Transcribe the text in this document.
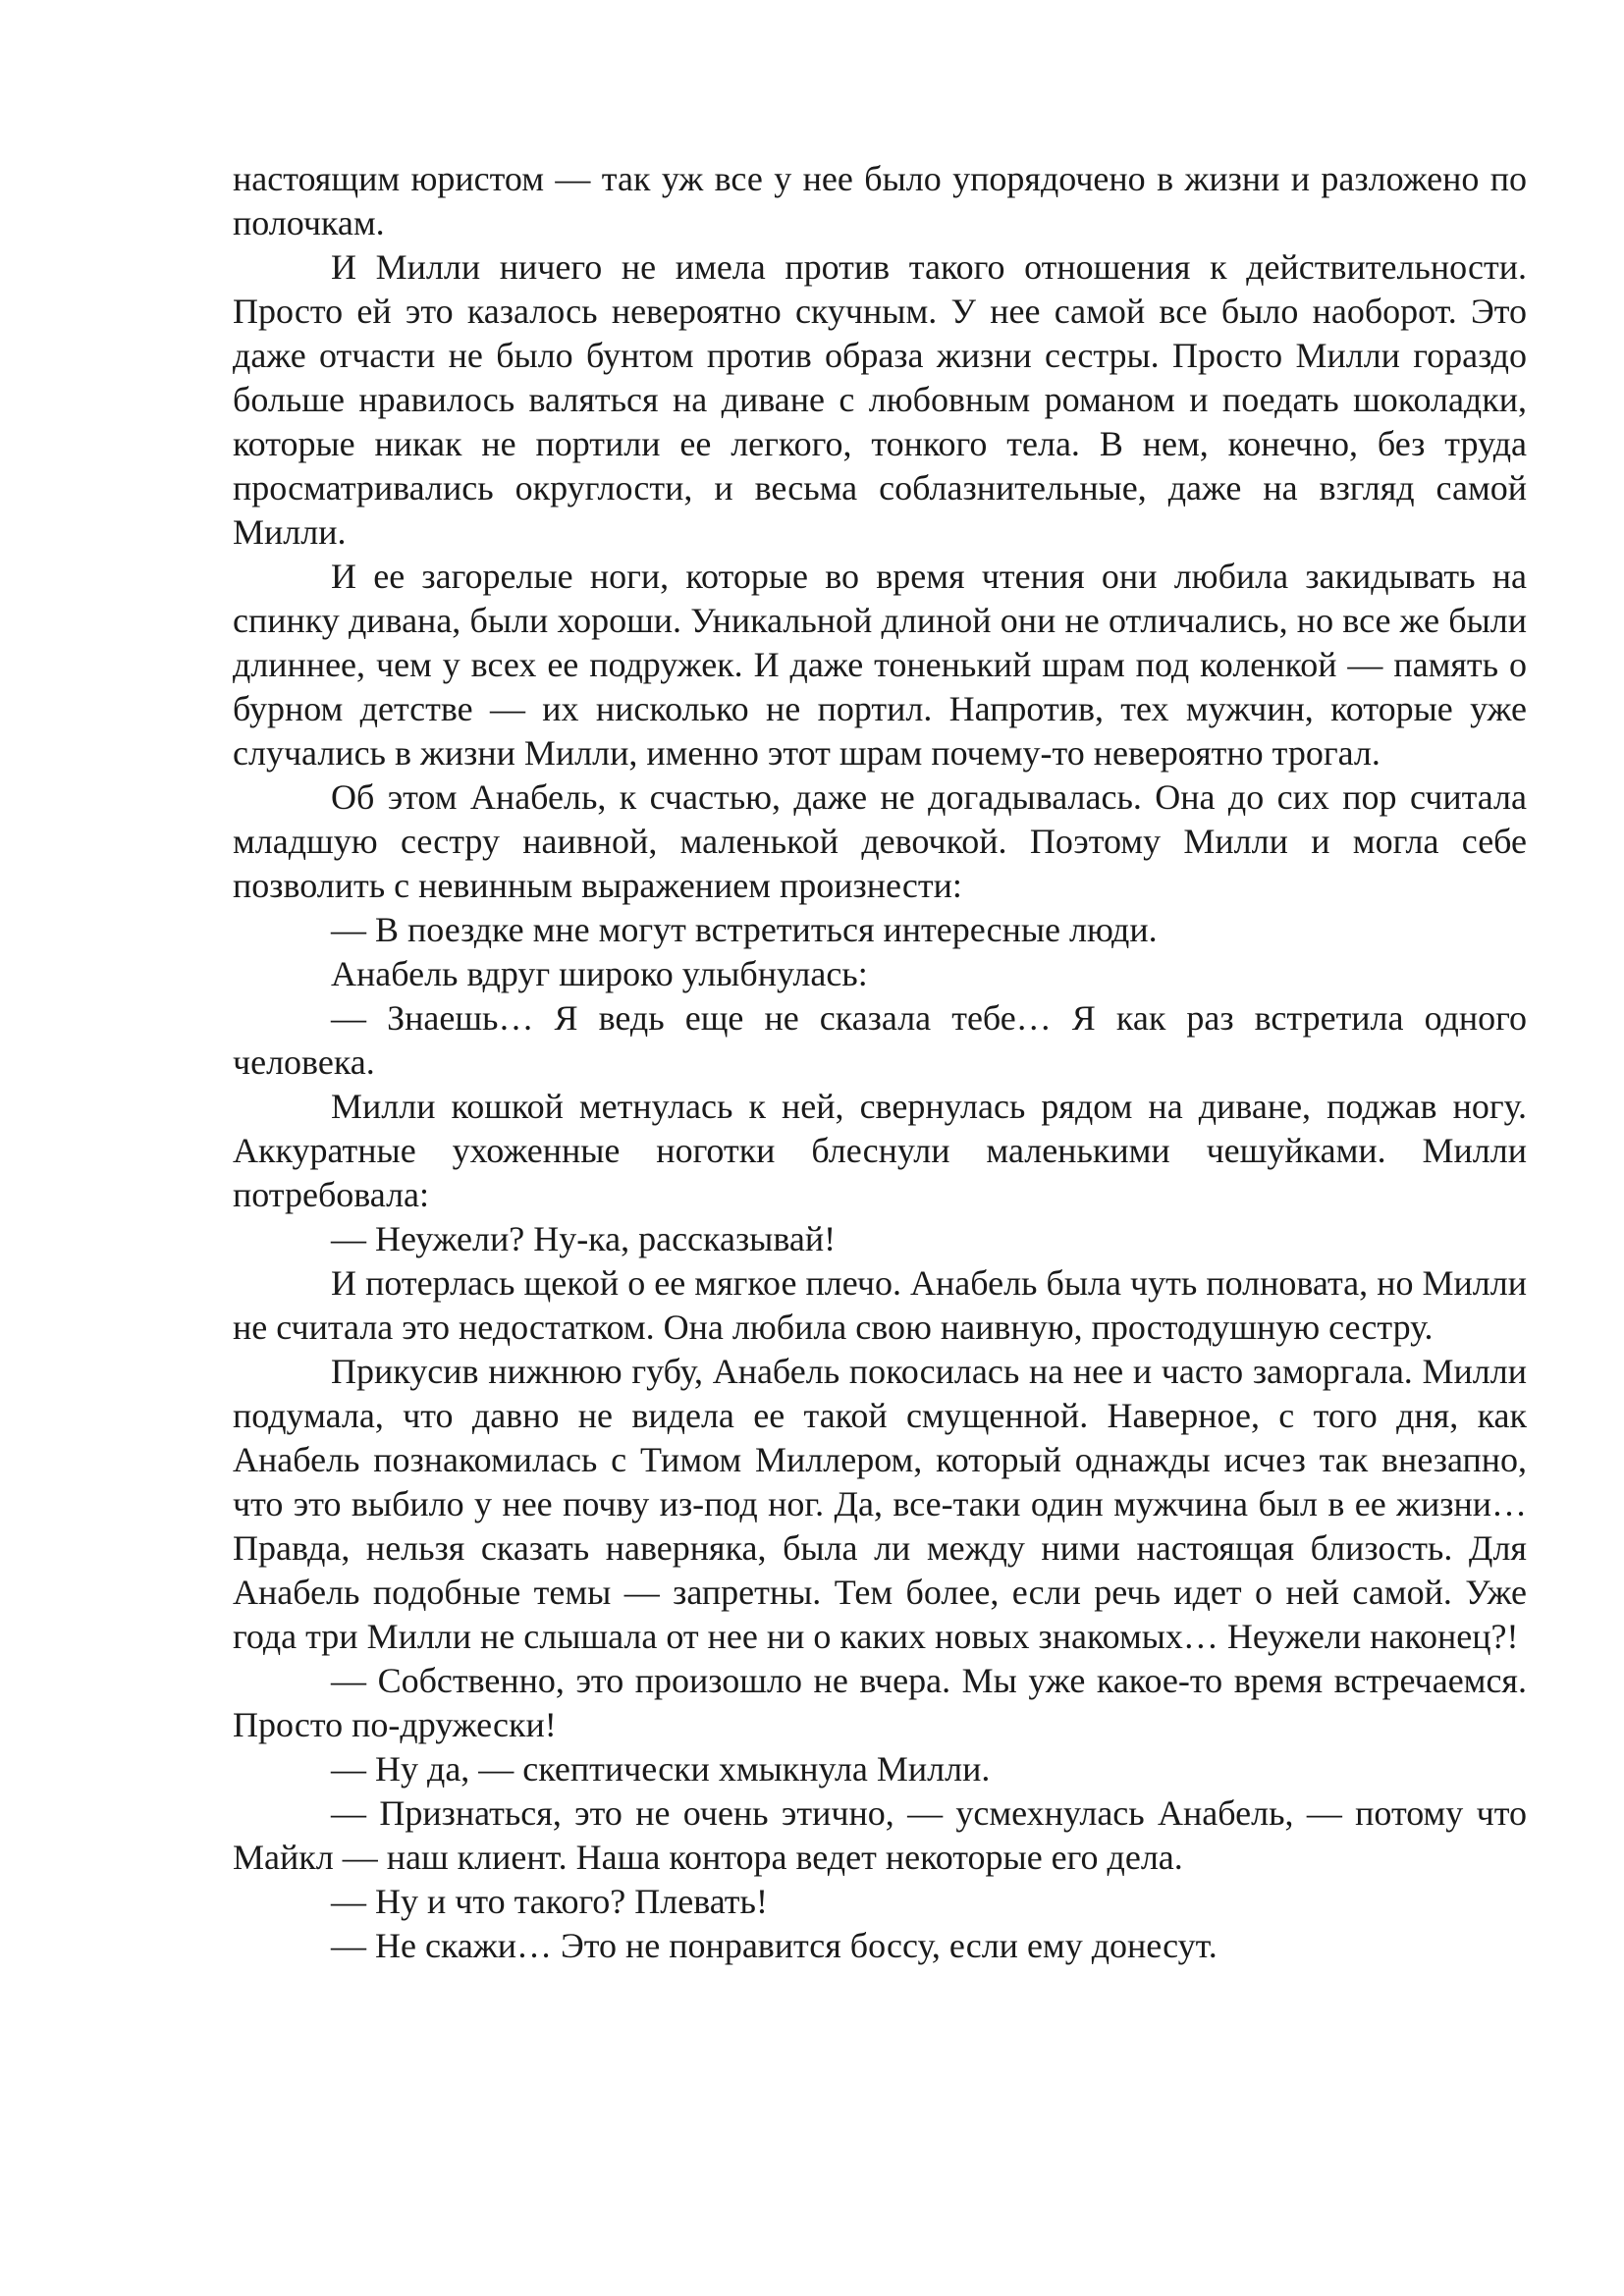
настоящим юристом — так уж все у нее было упорядочено в жизни и разложено по полочкам.

И Милли ничего не имела против такого отношения к действительности. Просто ей это казалось невероятно скучным. У нее самой все было наоборот. Это даже отчасти не было бунтом против образа жизни сестры. Просто Милли гораздо больше нравилось валяться на диване с любовным романом и поедать шоколадки, которые никак не портили ее легкого, тонкого тела. В нем, конечно, без труда просматривались округлости, и весьма соблазнительные, даже на взгляд самой Милли.

И ее загорелые ноги, которые во время чтения они любила закидывать на спинку дивана, были хороши. Уникальной длиной они не отличались, но все же были длиннее, чем у всех ее подружек. И даже тоненький шрам под коленкой — память о бурном детстве — их нисколько не портил. Напротив, тех мужчин, которые уже случались в жизни Милли, именно этот шрам почему-то невероятно трогал.

Об этом Анабель, к счастью, даже не догадывалась. Она до сих пор считала младшую сестру наивной, маленькой девочкой. Поэтому Милли и могла себе позволить с невинным выражением произнести:

— В поездке мне могут встретиться интересные люди.

Анабель вдруг широко улыбнулась:

— Знаешь… Я ведь еще не сказала тебе… Я как раз встретила одного человека.

Милли кошкой метнулась к ней, свернулась рядом на диване, поджав ногу. Аккуратные ухоженные ноготки блеснули маленькими чешуйками. Милли потребовала:

— Неужели? Ну-ка, рассказывай!

И потерлась щекой о ее мягкое плечо. Анабель была чуть полновата, но Милли не считала это недостатком. Она любила свою наивную, простодушную сестру.

Прикусив нижнюю губу, Анабель покосилась на нее и часто заморгала. Милли подумала, что давно не видела ее такой смущенной. Наверное, с того дня, как Анабель познакомилась с Тимом Миллером, который однажды исчез так внезапно, что это выбило у нее почву из-под ног. Да, все-таки один мужчина был в ее жизни… Правда, нельзя сказать наверняка, была ли между ними настоящая близость. Для Анабель подобные темы — запретны. Тем более, если речь идет о ней самой. Уже года три Милли не слышала от нее ни о каких новых знакомых… Неужели наконец?!

— Собственно, это произошло не вчера. Мы уже какое-то время встречаемся. Просто по-дружески!

— Ну да, — скептически хмыкнула Милли.

— Признаться, это не очень этично, — усмехнулась Анабель, — потому что Майкл — наш клиент. Наша контора ведет некоторые его дела.

— Ну и что такого? Плевать!

— Не скажи… Это не понравится боссу, если ему донесут.
